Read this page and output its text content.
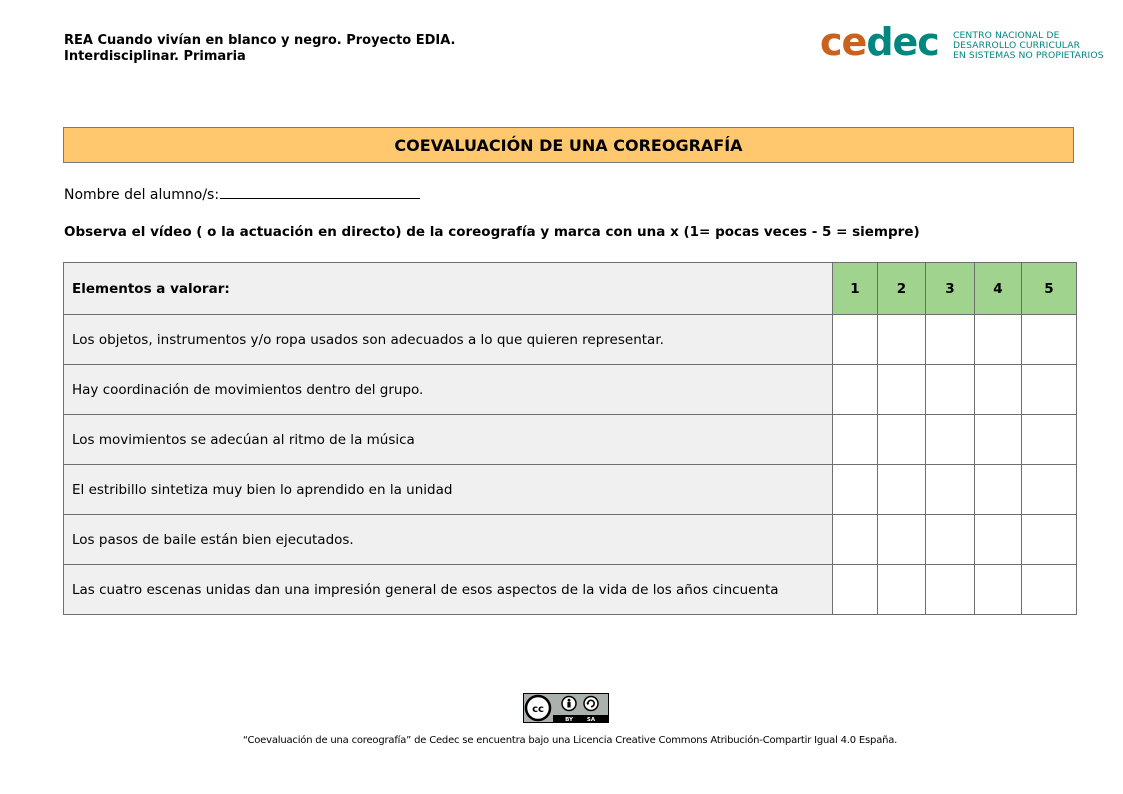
REA Cuando vivían en blanco y negro. Proyecto EDIA.
Interdisciplinar. Primaria	cedec CENTRO NACIONAL DE
DESARROLLO CURRICULAR
EN SISTEMAS NO PROPIETARIOS
COEVALUACIÓN DE UNA COREOGRAFÍA
Nombre del alumno/s:
Observa el vídeo ( o la actuación en directo) de la coreografía y marca con una x (1= pocas veces - 5 = siempre)
Elementos a valorar:	1	2	3	4	5
Los objetos, instrumentos y/o ropa usados son adecuados a lo que quieren representar.					
Hay coordinación de movimientos dentro del grupo.					
Los movimientos se adecúan al ritmo de la música					
El estribillo sintetiza muy bien lo aprendido en la unidad					
Los pasos de baile están bien ejecutados.					
Las cuatro escenas unidas dan una impresión general de esos aspectos de la vida de los años cincuenta					
cc
BY	SA
“Coevaluación de una coreografía” de Cedec se encuentra bajo una Licencia Creative Commons Atribución-Compartir Igual 4.0 España.
